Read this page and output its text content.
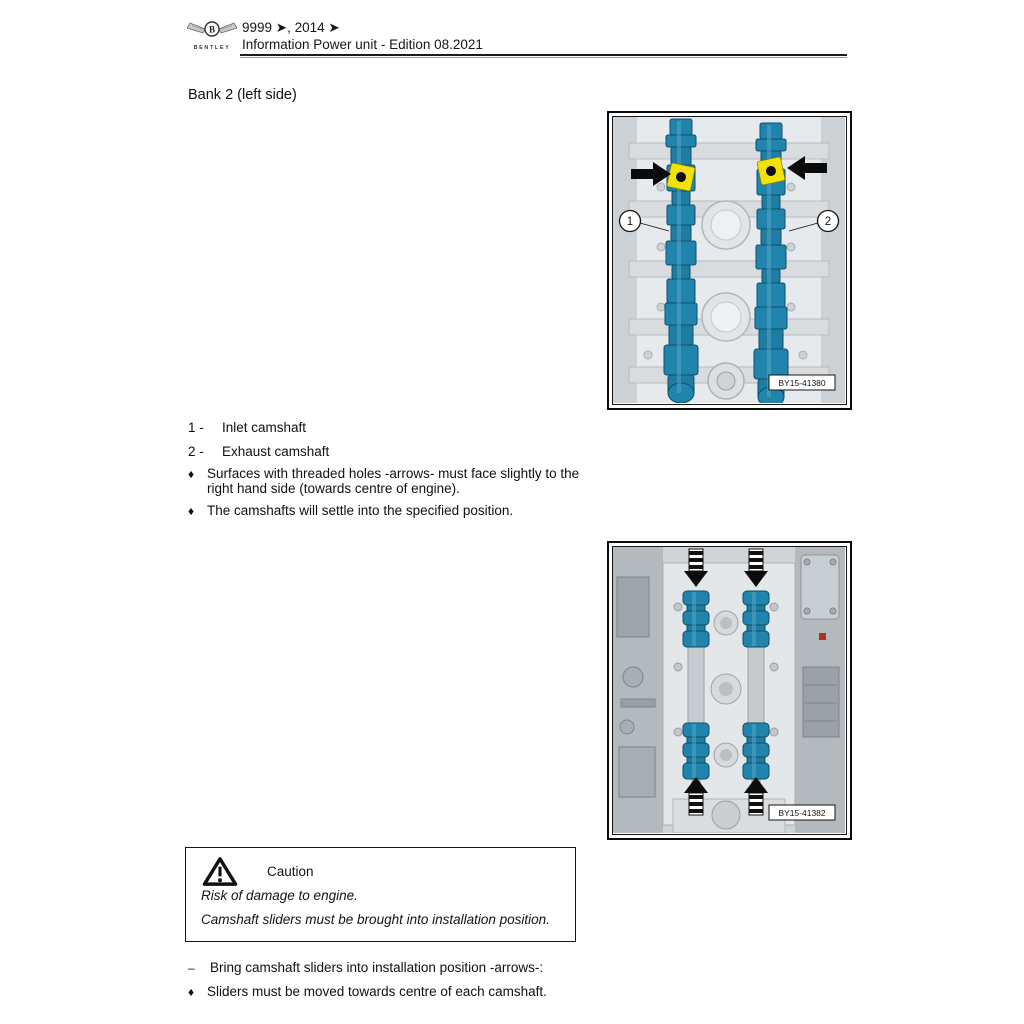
B
BENTLEY
9999 ➤, 2014 ➤
Information Power unit - Edition 08.2021
Bank 2 (left side)
1	2
BY15-41380
1 - Inlet camshaft
2 - Exhaust camshaft
♦ Surfaces with threaded holes -arrows- must face slightly to the right hand side (towards centre of engine).
♦ The camshafts will settle into the specified position.
BY15-41382
Caution
Risk of damage to engine.
Camshaft sliders must be brought into installation position.
–	Bring camshaft sliders into installation position -arrows-:
♦ Sliders must be moved towards centre of each camshaft.
